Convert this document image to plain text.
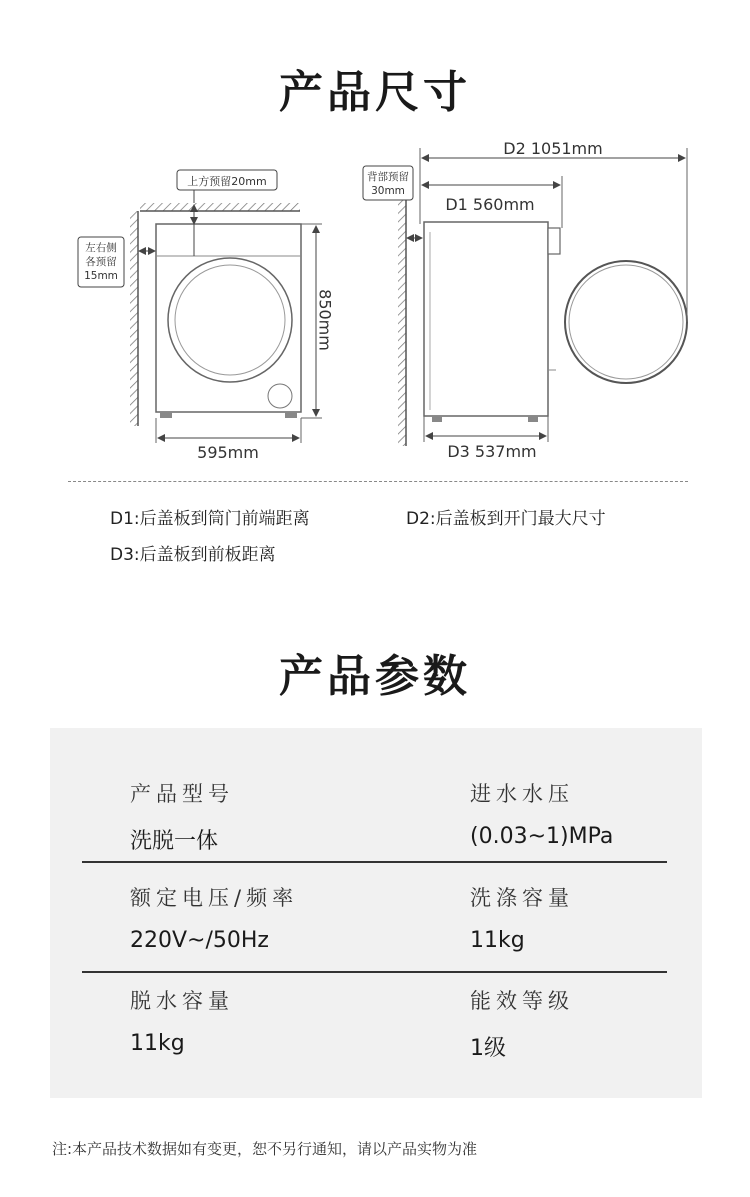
产品尺寸
上方预留20mm
左右侧
各预留
15mm
850mm
595mm
背部预留
30mm
D2 1051mm
D1 560mm
D3 537mm
D1:后盖板到筒门前端距离	D2:后盖板到开门最大尺寸
D3:后盖板到前板距离
产品参数
产品型号
洗脱一体
进水水压
(0.03~1)MPa
额定电压/频率
220V~/50Hz
洗涤容量
11kg
脱水容量
11kg
能效等级
1级
注:本产品技术数据如有变更，恕不另行通知，请以产品实物为准
